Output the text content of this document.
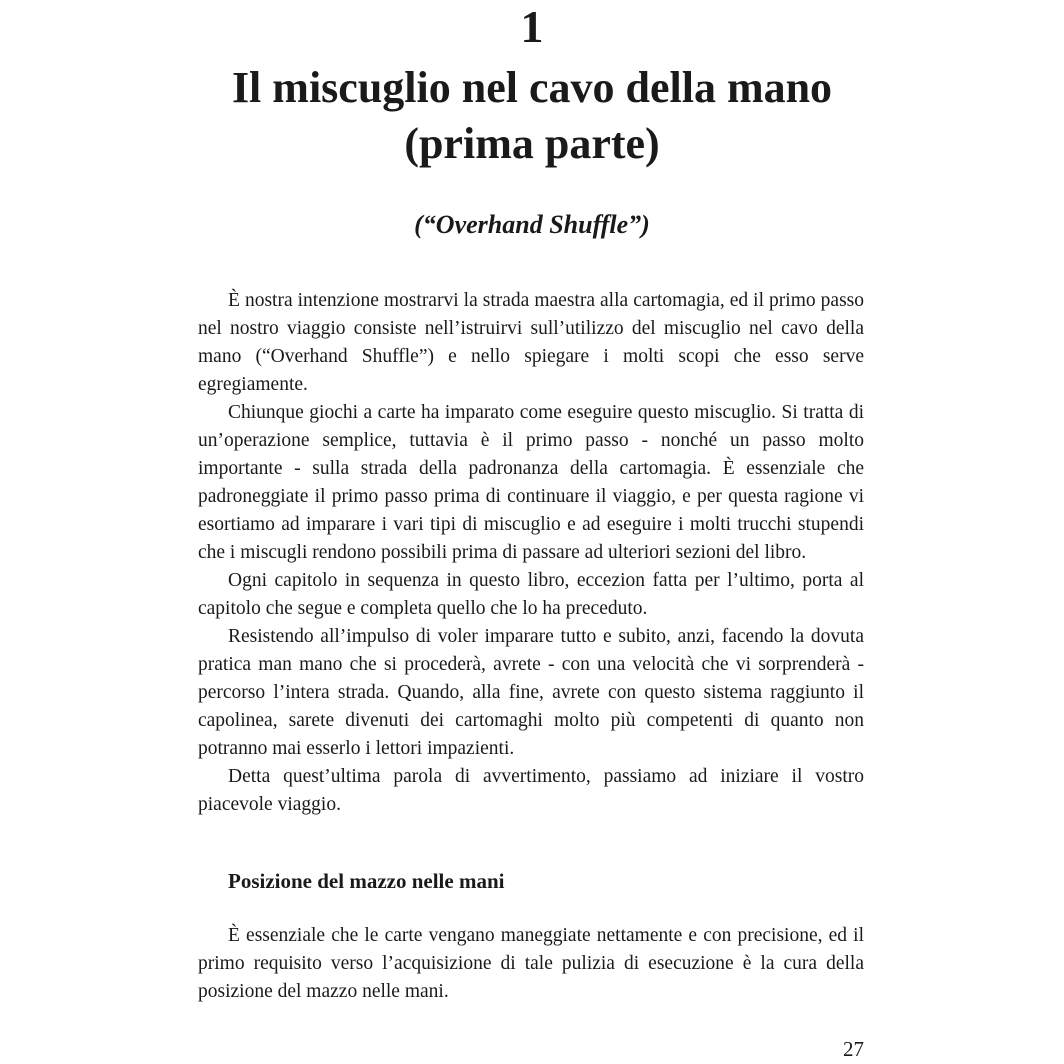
1
Il miscuglio nel cavo della mano
(prima parte)
(“Overhand Shuffle”)

È nostra intenzione mostrarvi la strada maestra alla cartomagia, ed il primo passo nel nostro viaggio consiste nell’istruirvi sull’utilizzo del miscuglio nel cavo della mano (“Overhand Shuffle”) e nello spiegare i molti scopi che esso serve egregiamente.

Chiunque giochi a carte ha imparato come eseguire questo miscuglio. Si tratta di un’operazione semplice, tuttavia è il primo passo - nonché un passo molto importante - sulla strada della padronanza della cartomagia. È essenziale che padroneggiate il primo passo prima di continuare il viaggio, e per questa ragione vi esortiamo ad imparare i vari tipi di miscuglio e ad eseguire i molti trucchi stupendi che i miscugli rendono possibili prima di passare ad ulteriori sezioni del libro.

Ogni capitolo in sequenza in questo libro, eccezion fatta per l’ultimo, porta al capitolo che segue e completa quello che lo ha preceduto.

Resistendo all’impulso di voler imparare tutto e subito, anzi, facendo la dovuta pratica man mano che si procederà, avrete - con una velocità che vi sorprenderà - percorso l’intera strada. Quando, alla fine, avrete con questo sistema raggiunto il capolinea, sarete divenuti dei cartomaghi molto più competenti di quanto non potranno mai esserlo i lettori impazienti.

Detta quest’ultima parola di avvertimento, passiamo ad iniziare il vostro piacevole viaggio.

Posizione del mazzo nelle mani

È essenziale che le carte vengano maneggiate nettamente e con precisione, ed il primo requisito verso l’acquisizione di tale pulizia di esecuzione è la cura della posizione del mazzo nelle mani.

27
